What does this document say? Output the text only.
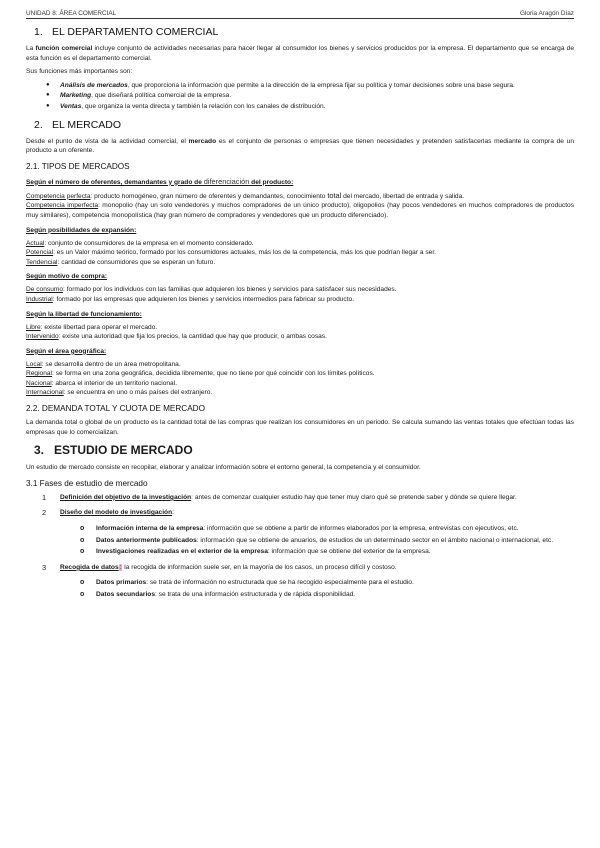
UNIDAD 8: ÁREA COMERCIAL	Gloria Aragón Díaz
1. EL DEPARTAMENTO COMERCIAL

La función comercial incluye conjunto de actividades necesarias para hacer llegar al consumidor los bienes y servicios producidos por la empresa. El departamento que se encarga de esta función es el departamento comercial.

Sus funciones más importantes son:

● Análisis de mercados, que proporciona la información que permite a la dirección de la empresa fijar su política y tomar decisiones sobre una base segura.
● Marketing, que diseñará política comercial de la empresa.
● Ventas, que organiza la venta directa y también la relación con los canales de distribución.
2. EL MERCADO

Desde el punto de vista de la actividad comercial, el mercado es el conjunto de personas o empresas que tienen necesidades y pretenden satisfacerlas mediante la compra de un producto a un oferente.

2.1. TIPOS DE MERCADOS
Según el número de oferentes, demandantes y grado de diferenciación del producto:

Competencia perfecta: producto homogéneo, gran número de oferentes y demandantes, conocimiento total del mercado, libertad de entrada y salida.

Competencia imperfecta: monopolio (hay un solo vendedores y muchos compradores de un único producto), oligopolios (hay pocos vendedores en muchos compradores de productos muy similares), competencia monopolística (hay gran número de compradores y vendedores que un producto diferenciado).

Según posibilidades de expansión:

Actual: conjunto de consumidores de la empresa en el momento considerado.

Potencial: es un Valor máximo teórico, formado por los consumidores actuales, más los de la competencia, más los que podrían llegar a ser.

Tendencial: cantidad de consumidores que se esperan un futuro.

Según motivo de compra:

De consumo: formado por los individuos con las familias que adquieren los bienes y servicios para satisfacer sus necesidades.

Industrial: formado por las empresas que adquieren los bienes y servicios intermedios para fabricar su producto.

Según la libertad de funcionamiento:

Libre: existe libertad para operar el mercado.

Intervenido: existe una autoridad que fija los precios, la cantidad que hay que producir, o ambas cosas.

Según el área geográfica:

Local: se desarrolla dentro de un área metropolitana.

Regional: se forma en una zona geográfica, decidida libremente, que no tiene por qué coincidir con los límites políticos.

Nacional: abarca el interior de un territorio nacional.

Internacional: se encuentra en uno o más países del extranjero.

2.2. DEMANDA TOTAL Y CUOTA DE MERCADO

La demanda total o global de un producto es la cantidad total de las compras que realizan los consumidores en un periodo. Se calcula sumando las ventas totales que efectúan todas las empresas que lo comercializan.

3. ESTUDIO DE MERCADO

Un estudio de mercado consiste en recopilar, elaborar y analizar información sobre el entorno general, la competencia y el consumidor.

3.1 Fases de estudio de mercado
1 Definición del objetivo de la investigación: antes de comenzar cualquier estudio hay que tener muy claro qué se pretende saber y dónde se quiere llegar.
2 Diseño del modelo de investigación:
o Información interna de la empresa: información que se obtiene a partir de informes elaborados por la empresa, entrevistas con ejecutivos, etc.
o Datos anteriormente publicados: información que se obtiene de anuarios, de estudios de un determinado sector en el ámbito nacional o internacional, etc.
o Investigaciones realizadas en el exterior de la empresa: información que se obtiene del exterior de la empresa.
3 Recogida de datos: la recogida de información suele ser, en la mayoría de los casos, un proceso difícil y costoso.
o Datos primarios: se trata de información no estructurada que se ha recogido especialmente para el estudio.
o Datos secundarios: se trata de una información estructurada y de rápida disponibilidad.
